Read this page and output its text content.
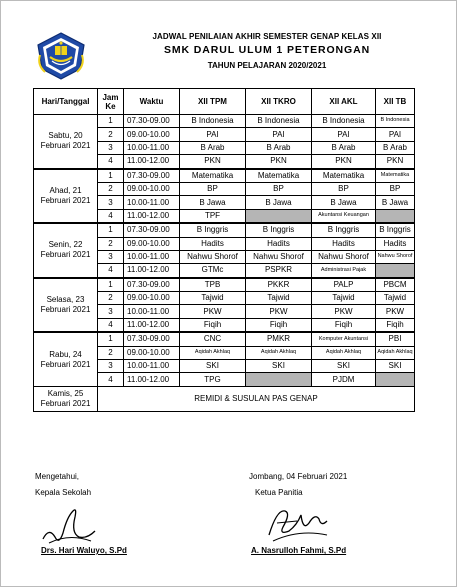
JADWAL PENILAIAN AKHIR SEMESTER GENAP KELAS XII
SMK DARUL ULUM 1 PETERONGAN
TAHUN PELAJARAN 2020/2021
Hari/Tanggal	Jam Ke	Waktu	XII TPM	XII TKRO	XII AKL	XII TB
Sabtu, 20 Februari 2021	1	07.30-09.00	B Indonesia	B Indonesia	B Indonesia	B Indonesia
	2	09.00-10.00	PAI	PAI	PAI	PAI
	3	10.00-11.00	B Arab	B Arab	B Arab	B Arab
	4	11.00-12.00	PKN	PKN	PKN	PKN
Ahad, 21 Februari 2021	1	07.30-09.00	Matematika	Matematika	Matematika	Matematika
	2	09.00-10.00	BP	BP	BP	BP
	3	10.00-11.00	B Jawa	B Jawa	B Jawa	B Jawa
	4	11.00-12.00	TPF		Akuntansi Keuangan	
Senin, 22 Februari 2021	1	07.30-09.00	B Inggris	B Inggris	B Inggris	B Inggris
	2	09.00-10.00	Hadits	Hadits	Hadits	Hadits
	3	10.00-11.00	Nahwu Shorof	Nahwu Shorof	Nahwu Shorof	Nahwu Shorof
	4	11.00-12.00	GTMc	PSPKR	Administrasi Pajak	
Selasa, 23 Februari 2021	1	07.30-09.00	TPB	PKKR	PALP	PBCM
	2	09.00-10.00	Tajwid	Tajwid	Tajwid	Tajwid
	3	10.00-11.00	PKW	PKW	PKW	PKW
	4	11.00-12.00	Fiqih	Fiqih	Fiqih	Fiqih
Rabu, 24 Februari 2021	1	07.30-09.00	CNC	PMKR	Komputer Akuntansi	PBI
	2	09.00-10.00	Aqidah Akhlaq	Aqidah Akhlaq	Aqidah Akhlaq	Aqidah Akhlaq
	3	10.00-11.00	SKI	SKI	SKI	SKI
	4	11.00-12.00	TPG		PJDM	
Kamis, 25 Februari 2021	REMIDI & SUSULAN PAS GENAP					
Mengetahui,
Kepala Sekolah
Drs. Hari Waluyo, S.Pd
Jombang, 04 Februari 2021
Ketua Panitia
A. Nasrulloh Fahmi, S.Pd
